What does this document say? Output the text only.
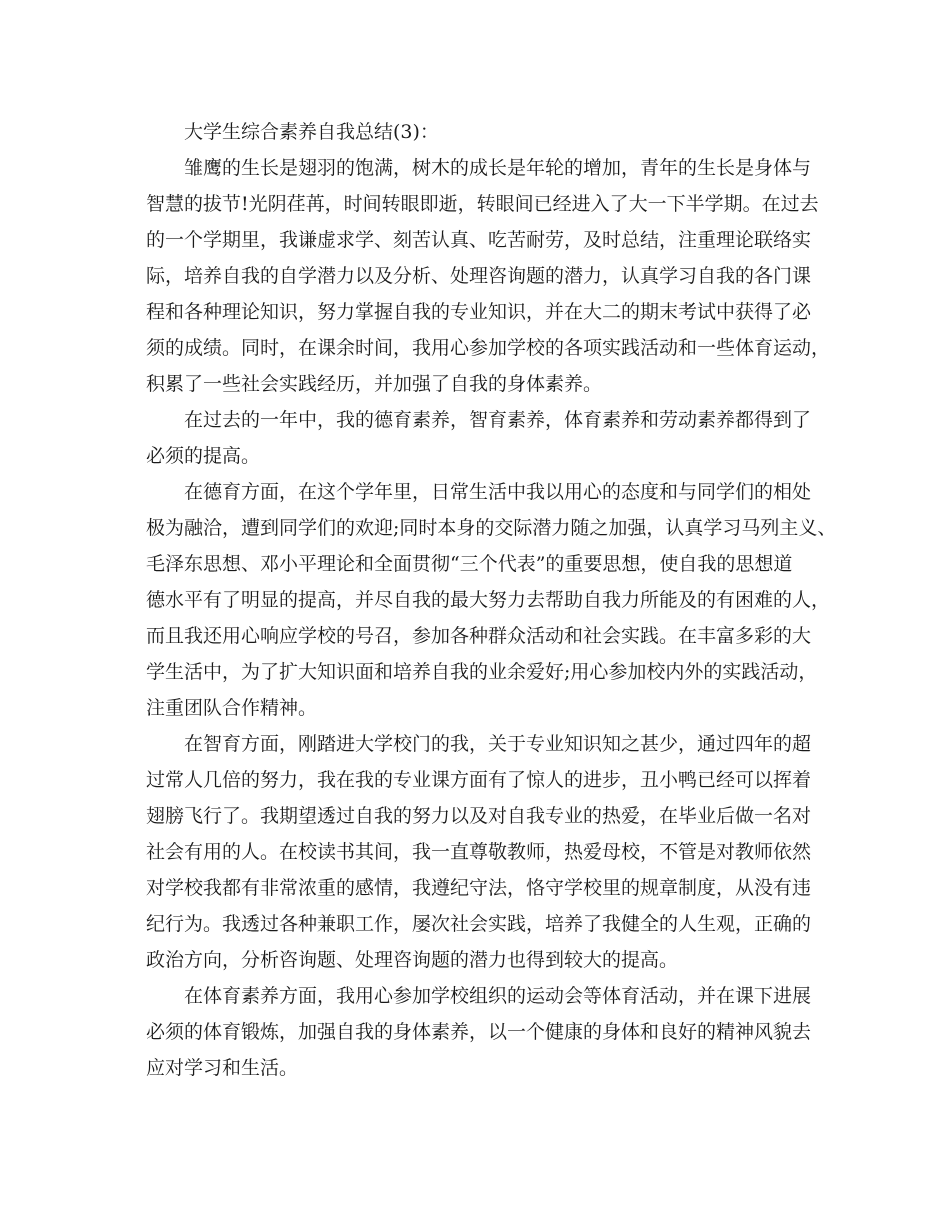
大学生综合素养自我总结(3)：
雏鹰的生长是翅羽的饱满，树木的成长是年轮的增加，青年的生长是身体与
智慧的拔节!光阴荏苒，时间转眼即逝，转眼间已经进入了大一下半学期。在过去
的一个学期里，我谦虚求学、刻苦认真、吃苦耐劳，及时总结，注重理论联络实
际，培养自我的自学潜力以及分析、处理咨询题的潜力，认真学习自我的各门课
程和各种理论知识，努力掌握自我的专业知识，并在大二的期末考试中获得了必
须的成绩。同时，在课余时间，我用心参加学校的各项实践活动和一些体育运动，
积累了一些社会实践经历，并加强了自我的身体素养。
在过去的一年中，我的德育素养，智育素养，体育素养和劳动素养都得到了
必须的提高。
在德育方面，在这个学年里，日常生活中我以用心的态度和与同学们的相处
极为融洽，遭到同学们的欢迎;同时本身的交际潜力随之加强，认真学习马列主义、
毛泽东思想、邓小平理论和全面贯彻“三个代表”的重要思想，使自我的思想道
德水平有了明显的提高，并尽自我的最大努力去帮助自我力所能及的有困难的人，
而且我还用心响应学校的号召，参加各种群众活动和社会实践。在丰富多彩的大
学生活中，为了扩大知识面和培养自我的业余爱好;用心参加校内外的实践活动，
注重团队合作精神。
在智育方面，刚踏进大学校门的我，关于专业知识知之甚少，通过四年的超
过常人几倍的努力，我在我的专业课方面有了惊人的进步，丑小鸭已经可以挥着
翅膀飞行了。我期望透过自我的努力以及对自我专业的热爱，在毕业后做一名对
社会有用的人。在校读书其间，我一直尊敬教师，热爱母校，不管是对教师依然
对学校我都有非常浓重的感情，我遵纪守法，恪守学校里的规章制度，从没有违
纪行为。我透过各种兼职工作，屡次社会实践，培养了我健全的人生观，正确的
政治方向，分析咨询题、处理咨询题的潜力也得到较大的提高。
在体育素养方面，我用心参加学校组织的运动会等体育活动，并在课下进展
必须的体育锻炼，加强自我的身体素养，以一个健康的身体和良好的精神风貌去
应对学习和生活。
